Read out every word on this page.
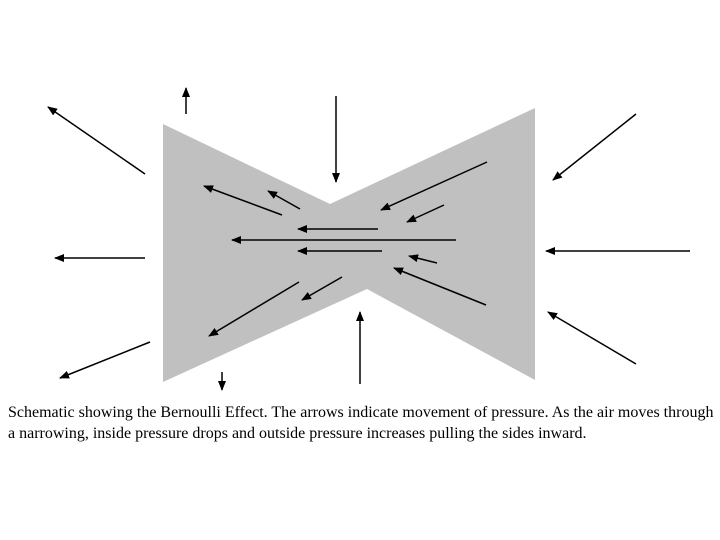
Schematic showing the Bernoulli Effect. The arrows indicate movement of pressure. As the air moves through a narrowing, inside pressure drops and outside pressure increases pulling the sides inward.
